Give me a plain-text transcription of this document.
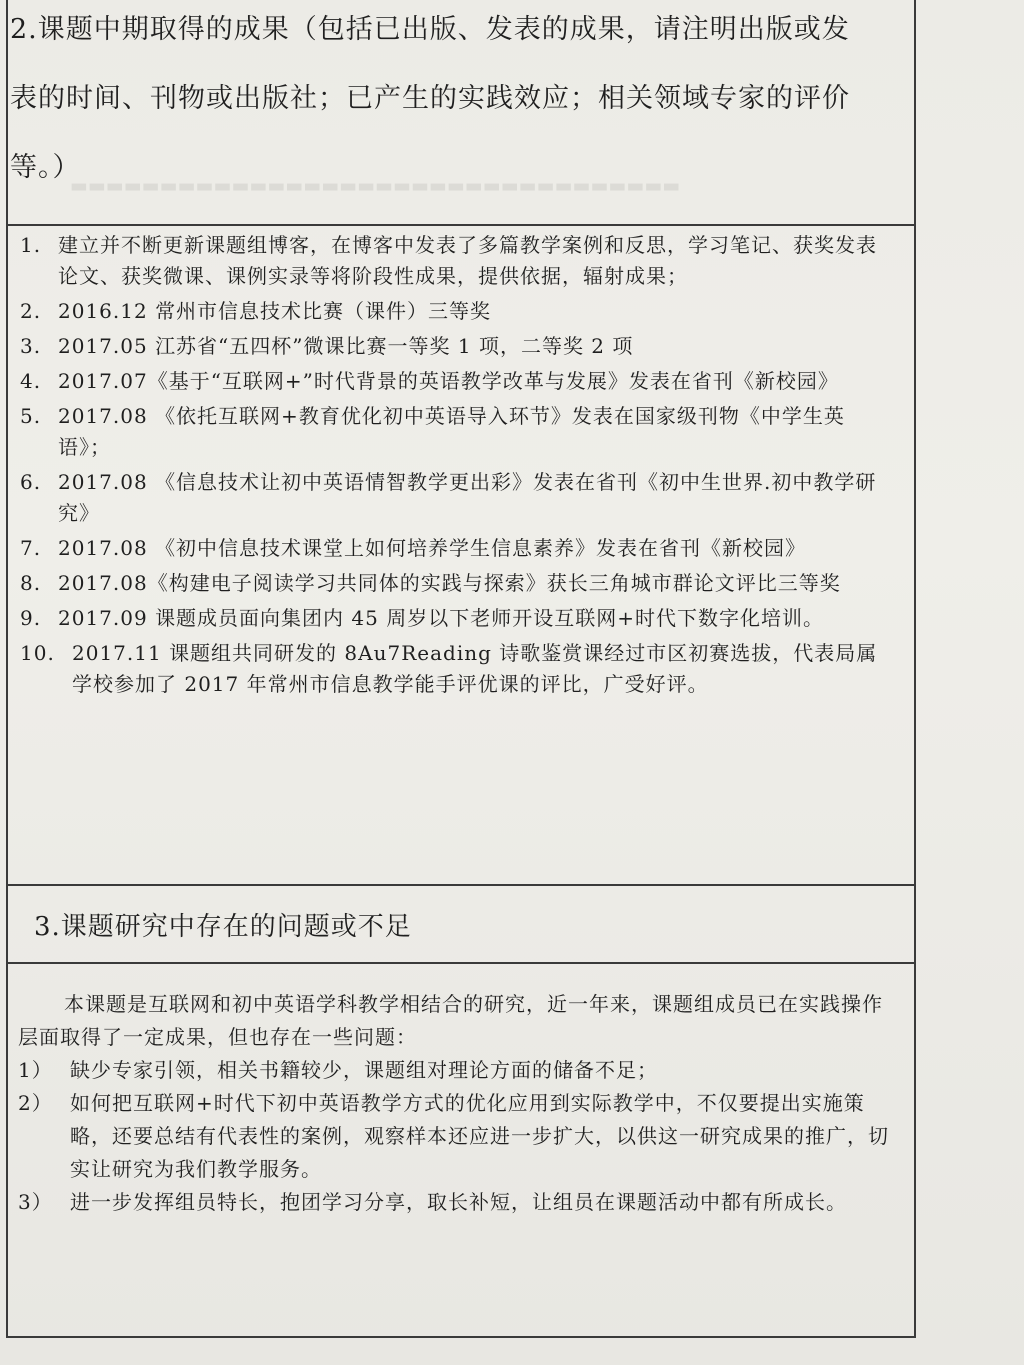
▬▬▬▬▬▬▬▬▬▬▬▬▬▬▬▬▬▬▬▬▬▬▬▬▬▬▬▬▬▬▬▬▬▬
2.课题中期取得的成果（包括已出版、发表的成果，请注明出版或发
表的时间、刊物或出版社；已产生的实践效应；相关领域专家的评价
等。）
1. 建立并不断更新课题组博客，在博客中发表了多篇教学案例和反思，学习笔记、获奖发表论文、获奖微课、课例实录等将阶段性成果，提供依据，辐射成果；
2. 2016.12 常州市信息技术比赛（课件）三等奖
3. 2017.05 江苏省“五四杯”微课比赛一等奖 1 项，二等奖 2 项
4. 2017.07《基于“互联网+”时代背景的英语教学改革与发展》发表在省刊《新校园》
5. 2017.08 《依托互联网+教育优化初中英语导入环节》发表在国家级刊物《中学生英语》；
6. 2017.08 《信息技术让初中英语情智教学更出彩》发表在省刊《初中生世界.初中教学研究》
7. 2017.08 《初中信息技术课堂上如何培养学生信息素养》发表在省刊《新校园》
8. 2017.08《构建电子阅读学习共同体的实践与探索》获长三角城市群论文评比三等奖
9. 2017.09 课题成员面向集团内 45 周岁以下老师开设互联网+时代下数字化培训。
10. 2017.11 课题组共同研发的 8Au7Reading 诗歌鉴赏课经过市区初赛选拔，代表局属学校参加了 2017 年常州市信息教学能手评优课的评比，广受好评。
3.课题研究中存在的问题或不足

本课题是互联网和初中英语学科教学相结合的研究，近一年来，课题组成员已在实践操作层面取得了一定成果，但也存在一些问题：

1） 缺少专家引领，相关书籍较少，课题组对理论方面的储备不足；
2） 如何把互联网+时代下初中英语教学方式的优化应用到实际教学中，不仅要提出实施策略，还要总结有代表性的案例，观察样本还应进一步扩大，以供这一研究成果的推广，切实让研究为我们教学服务。
3） 进一步发挥组员特长，抱团学习分享，取长补短，让组员在课题活动中都有所成长。
